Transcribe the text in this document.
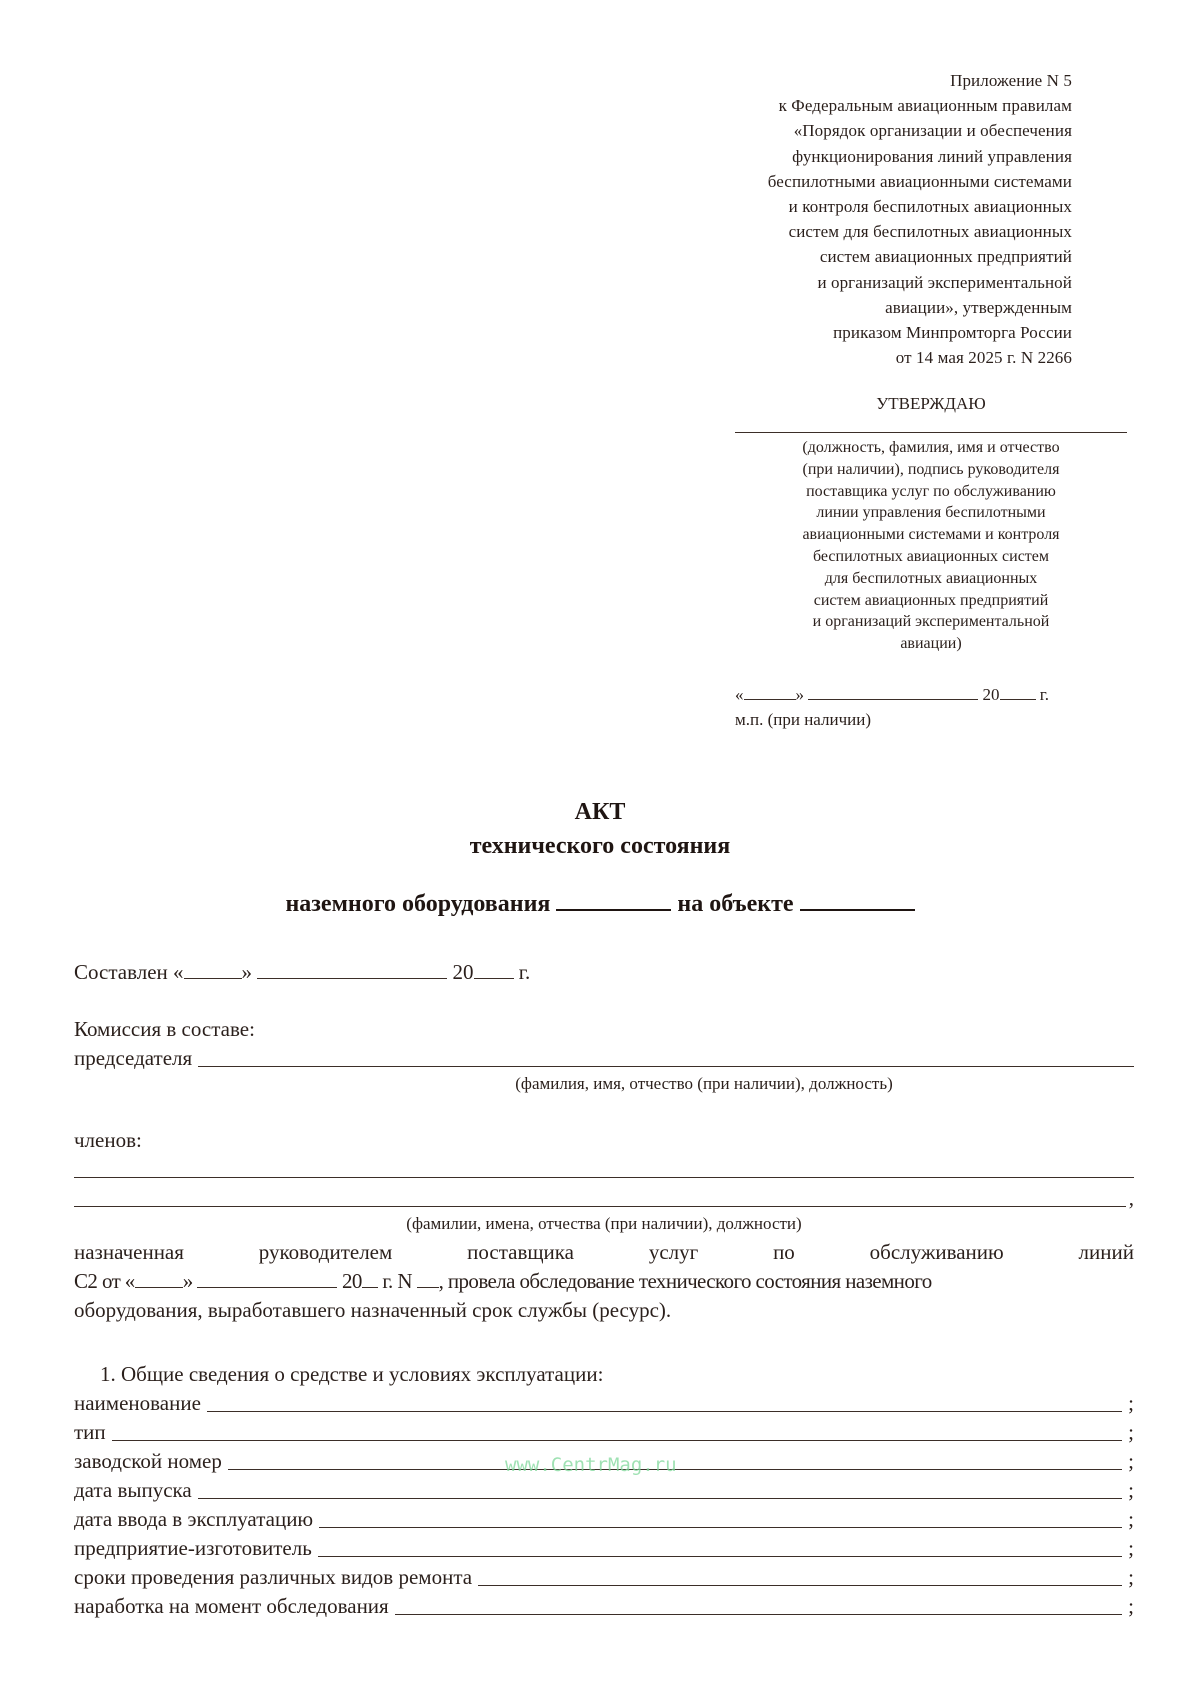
Приложение N 5
к Федеральным авиационным правилам
«Порядок организации и обеспечения
функционирования линий управления
беспилотными авиационными системами
и контроля беспилотных авиационных
систем для беспилотных авиационных
систем авиационных предприятий
и организаций экспериментальной
авиации», утвержденным
приказом Минпромторга России
от 14 мая 2025 г. N 2266
УТВЕРЖДАЮ
(должность, фамилия, имя и отчество
(при наличии), подпись руководителя
поставщика услуг по обслуживанию
линии управления беспилотными
авиационными системами и контроля
беспилотных авиационных систем
для беспилотных авиационных
систем авиационных предприятий
и организаций экспериментальной
авиации)
«	»	20 г.
м.п. (при наличии)
АКТ
технического состояния
наземного оборудования	на объекте
Составлен «	»	20 г.
Комиссия в составе:
председателя
(фамилия, имя, отчество (при наличии), должность)
членов:
,
(фамилии, имена, отчества (при наличии), должности)
назначенная руководителем поставщика услуг по обслуживанию линий
С2 от « »	20 г. N , провела обследование технического состояния наземного
оборудования, выработавшего назначенный срок службы (ресурс).
1. Общие сведения о средстве и условиях эксплуатации:
наименование	;
тип	;
заводской номер	;
дата выпуска	;
дата ввода в эксплуатацию	;
предприятие-изготовитель	;
сроки проведения различных видов ремонта	;
наработка на момент обследования	;
www.CentrMag.ru
